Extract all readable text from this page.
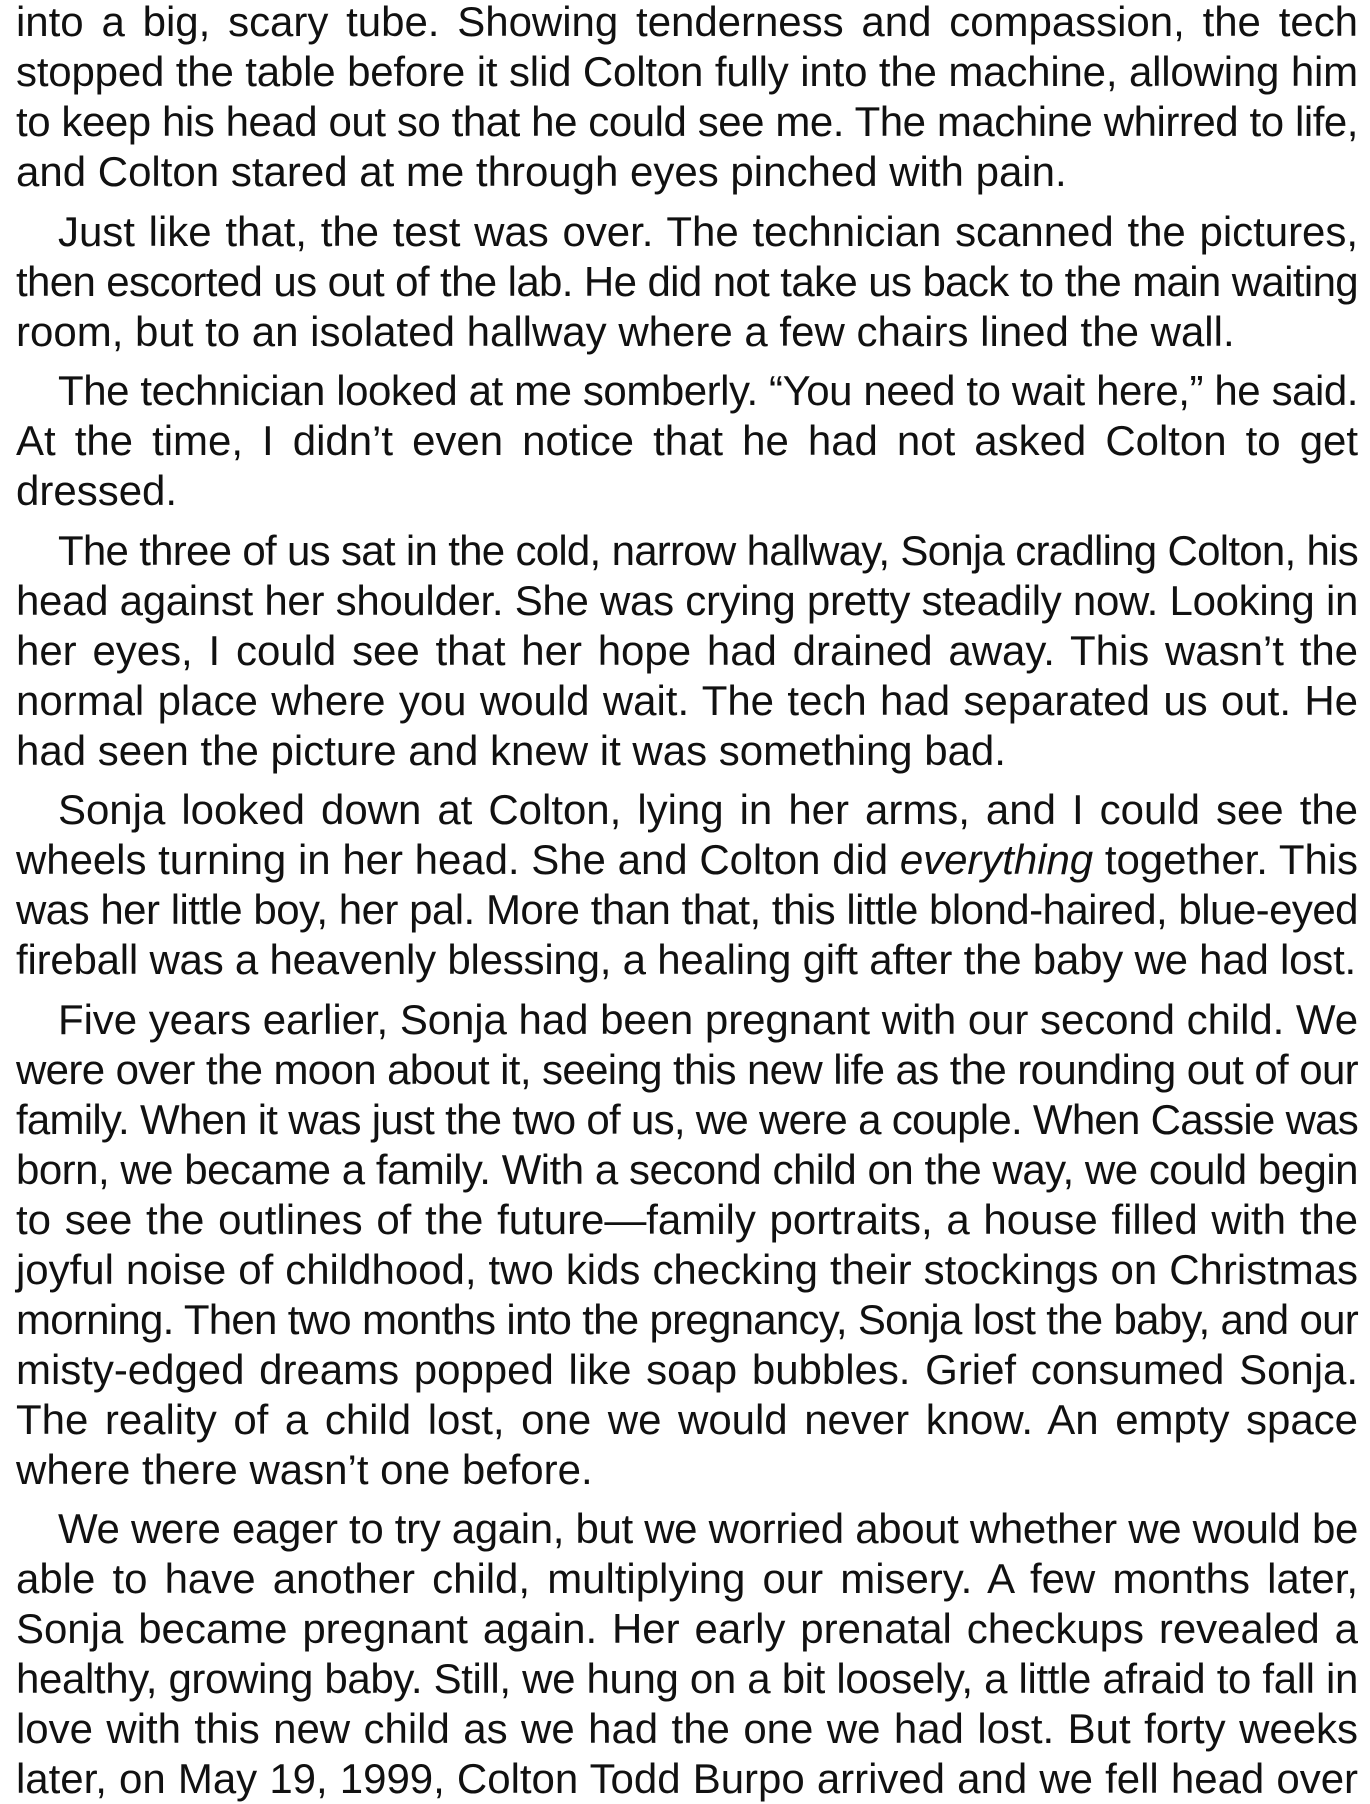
into a big, scary tube. Showing tenderness and compassion, the tech
stopped the table before it slid Colton fully into the machine, allowing him
to keep his head out so that he could see me. The machine whirred to life,
and Colton stared at me through eyes pinched with pain.
Just like that, the test was over. The technician scanned the pictures,
then escorted us out of the lab. He did not take us back to the main waiting
room, but to an isolated hallway where a few chairs lined the wall.
The technician looked at me somberly. “You need to wait here,” he said.
At the time, I didn’t even notice that he had not asked Colton to get
dressed.
The three of us sat in the cold, narrow hallway, Sonja cradling Colton, his
head against her shoulder. She was crying pretty steadily now. Looking in
her eyes, I could see that her hope had drained away. This wasn’t the
normal place where you would wait. The tech had separated us out. He
had seen the picture and knew it was something bad.
Sonja looked down at Colton, lying in her arms, and I could see the
wheels turning in her head. She and Colton did everything together. This
was her little boy, her pal. More than that, this little blond-haired, blue-eyed
fireball was a heavenly blessing, a healing gift after the baby we had lost.
Five years earlier, Sonja had been pregnant with our second child. We
were over the moon about it, seeing this new life as the rounding out of our
family. When it was just the two of us, we were a couple. When Cassie was
born, we became a family. With a second child on the way, we could begin
to see the outlines of the future—family portraits, a house filled with the
joyful noise of childhood, two kids checking their stockings on Christmas
morning. Then two months into the pregnancy, Sonja lost the baby, and our
misty-edged dreams popped like soap bubbles. Grief consumed Sonja.
The reality of a child lost, one we would never know. An empty space
where there wasn’t one before.
We were eager to try again, but we worried about whether we would be
able to have another child, multiplying our misery. A few months later,
Sonja became pregnant again. Her early prenatal checkups revealed a
healthy, growing baby. Still, we hung on a bit loosely, a little afraid to fall in
love with this new child as we had the one we had lost. But forty weeks
later, on May 19, 1999, Colton Todd Burpo arrived and we fell head over
